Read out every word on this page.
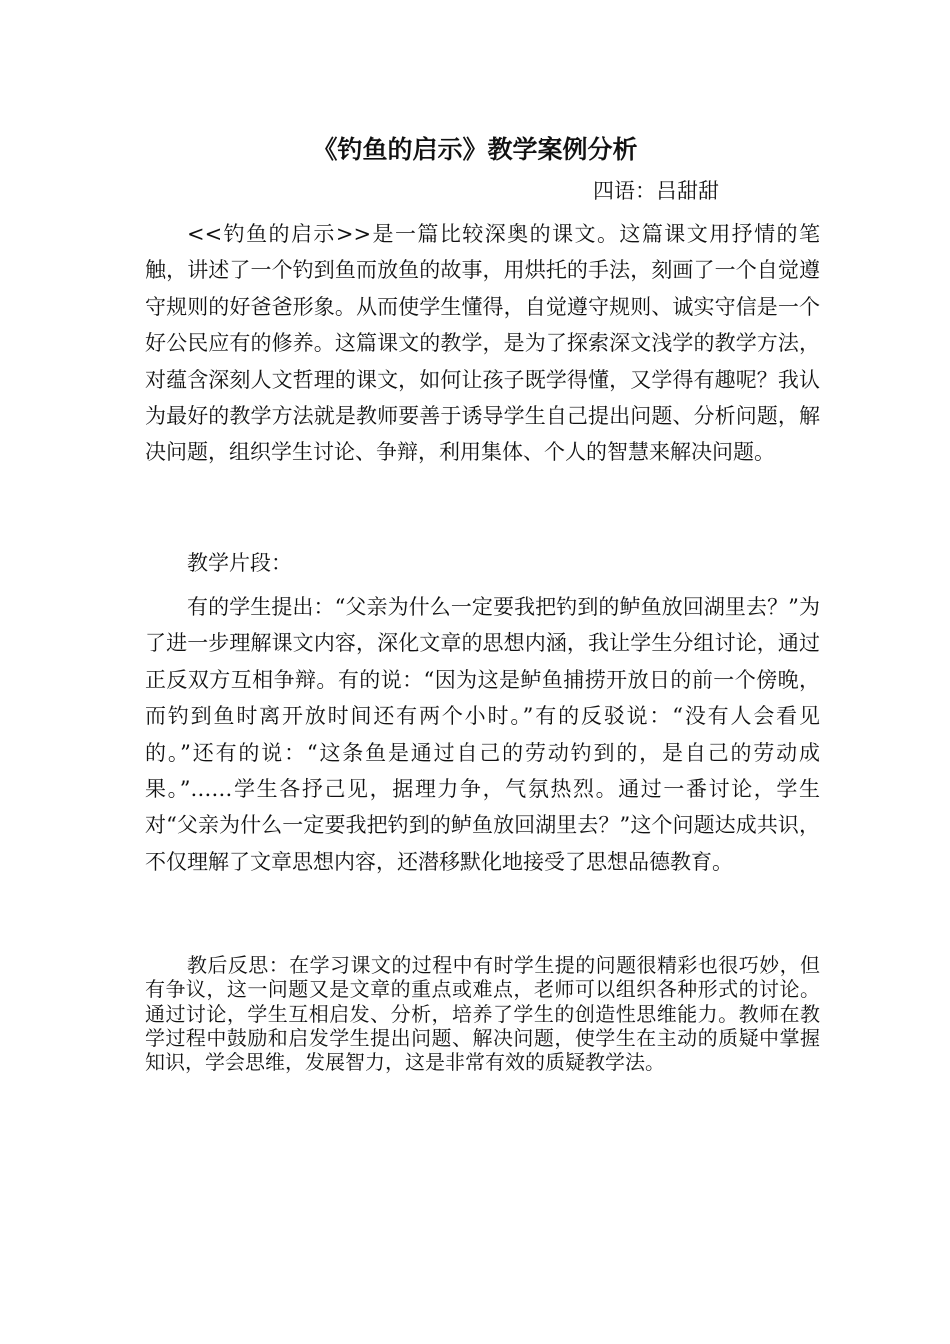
《钓鱼的启示》教学案例分析
四语：吕甜甜

<<钓鱼的启示>>是一篇比较深奥的课文。这篇课文用抒情的笔触，讲述了一个钓到鱼而放鱼的故事，用烘托的手法，刻画了一个自觉遵守规则的好爸爸形象。从而使学生懂得，自觉遵守规则、诚实守信是一个好公民应有的修养。这篇课文的教学，是为了探索深文浅学的教学方法，对蕴含深刻人文哲理的课文，如何让孩子既学得懂，又学得有趣呢？我认为最好的教学方法就是教师要善于诱导学生自己提出问题、分析问题，解决问题，组织学生讨论、争辩，利用集体、个人的智慧来解决问题。

教学片段：

有的学生提出：“父亲为什么一定要我把钓到的鲈鱼放回湖里去？”为了进一步理解课文内容，深化文章的思想内涵，我让学生分组讨论，通过正反双方互相争辩。有的说：“因为这是鲈鱼捕捞开放日的前一个傍晚，而钓到鱼时离开放时间还有两个小时。”有的反驳说：“没有人会看见的。”还有的说：“这条鱼是通过自己的劳动钓到的，是自己的劳动成果。”……学生各抒己见，据理力争，气氛热烈。通过一番讨论，学生对“父亲为什么一定要我把钓到的鲈鱼放回湖里去？”这个问题达成共识，不仅理解了文章思想内容，还潜移默化地接受了思想品德教育。

教后反思：在学习课文的过程中有时学生提的问题很精彩也很巧妙，但有争议，这一问题又是文章的重点或难点，老师可以组织各种形式的讨论。通过讨论，学生互相启发、分析，培养了学生的创造性思维能力。教师在教学过程中鼓励和启发学生提出问题、解决问题，使学生在主动的质疑中掌握知识，学会思维，发展智力，这是非常有效的质疑教学法。
